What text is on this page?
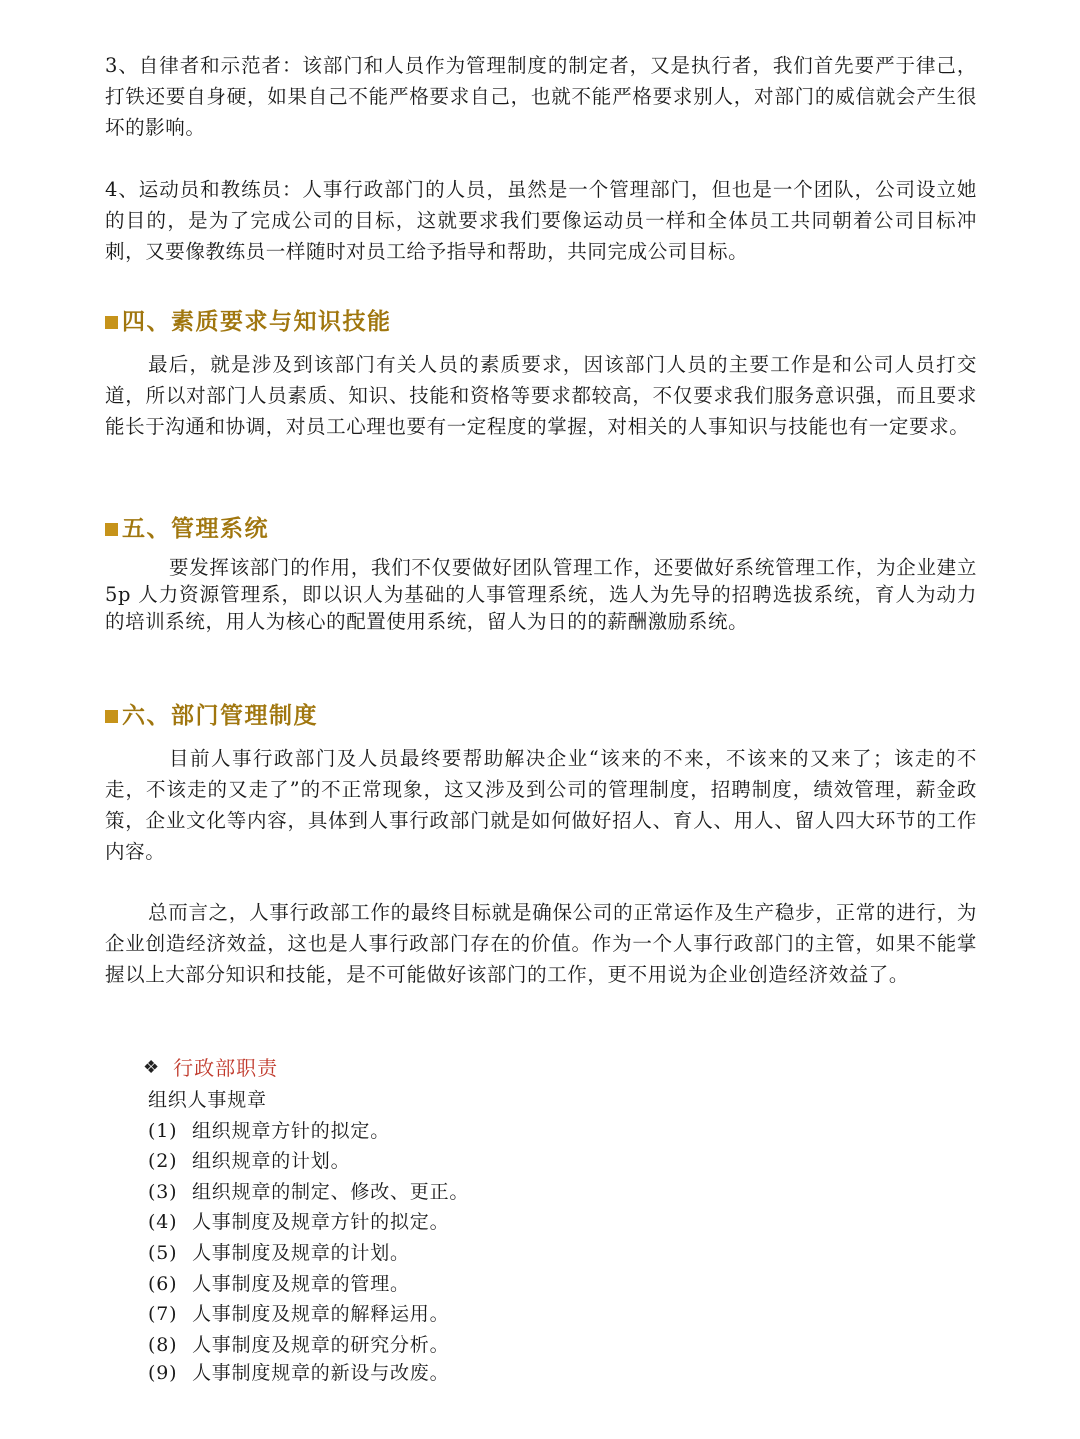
3、自律者和示范者：该部门和人员作为管理制度的制定者，又是执行者，我们首先要严于律己，打铁还要自身硬，如果自己不能严格要求自己，也就不能严格要求别人，对部门的威信就会产生很坏的影响。

4、运动员和教练员：人事行政部门的人员，虽然是一个管理部门，但也是一个团队，公司设立她的目的，是为了完成公司的目标，这就要求我们要像运动员一样和全体员工共同朝着公司目标冲刺，又要像教练员一样随时对员工给予指导和帮助，共同完成公司目标。

四、素质要求与知识技能

最后，就是涉及到该部门有关人员的素质要求，因该部门人员的主要工作是和公司人员打交道，所以对部门人员素质、知识、技能和资格等要求都较高，不仅要求我们服务意识强，而且要求能长于沟通和协调，对员工心理也要有一定程度的掌握，对相关的人事知识与技能也有一定要求。

五、管理系统

要发挥该部门的作用，我们不仅要做好团队管理工作，还要做好系统管理工作，为企业建立 5p 人力资源管理系，即以识人为基础的人事管理系统，选人为先导的招聘选拔系统，育人为动力的培训系统，用人为核心的配置使用系统，留人为日的的薪酬激励系统。

六、部门管理制度

目前人事行政部门及人员最终要帮助解决企业“该来的不来，不该来的又来了；该走的不走，不该走的又走了”的不正常现象，这又涉及到公司的管理制度，招聘制度，绩效管理，薪金政策，企业文化等内容，具体到人事行政部门就是如何做好招人、育人、用人、留人四大环节的工作内容。

总而言之，人事行政部工作的最终目标就是确保公司的正常运作及生产稳步，正常的进行，为企业创造经济效益，这也是人事行政部门存在的价值。作为一个人事行政部门的主管，如果不能掌握以上大部分知识和技能，是不可能做好该部门的工作，更不用说为企业创造经济效益了。

❖ 行政部职责
组织人事规章
(1) 组织规章方针的拟定。
(2) 组织规章的计划。
(3) 组织规章的制定、修改、更正。
(4) 人事制度及规章方针的拟定。
(5) 人事制度及规章的计划。
(6) 人事制度及规章的管理。
(7) 人事制度及规章的解释运用。
(8) 人事制度及规章的研究分析。
(9) 人事制度规章的新设与改废。
